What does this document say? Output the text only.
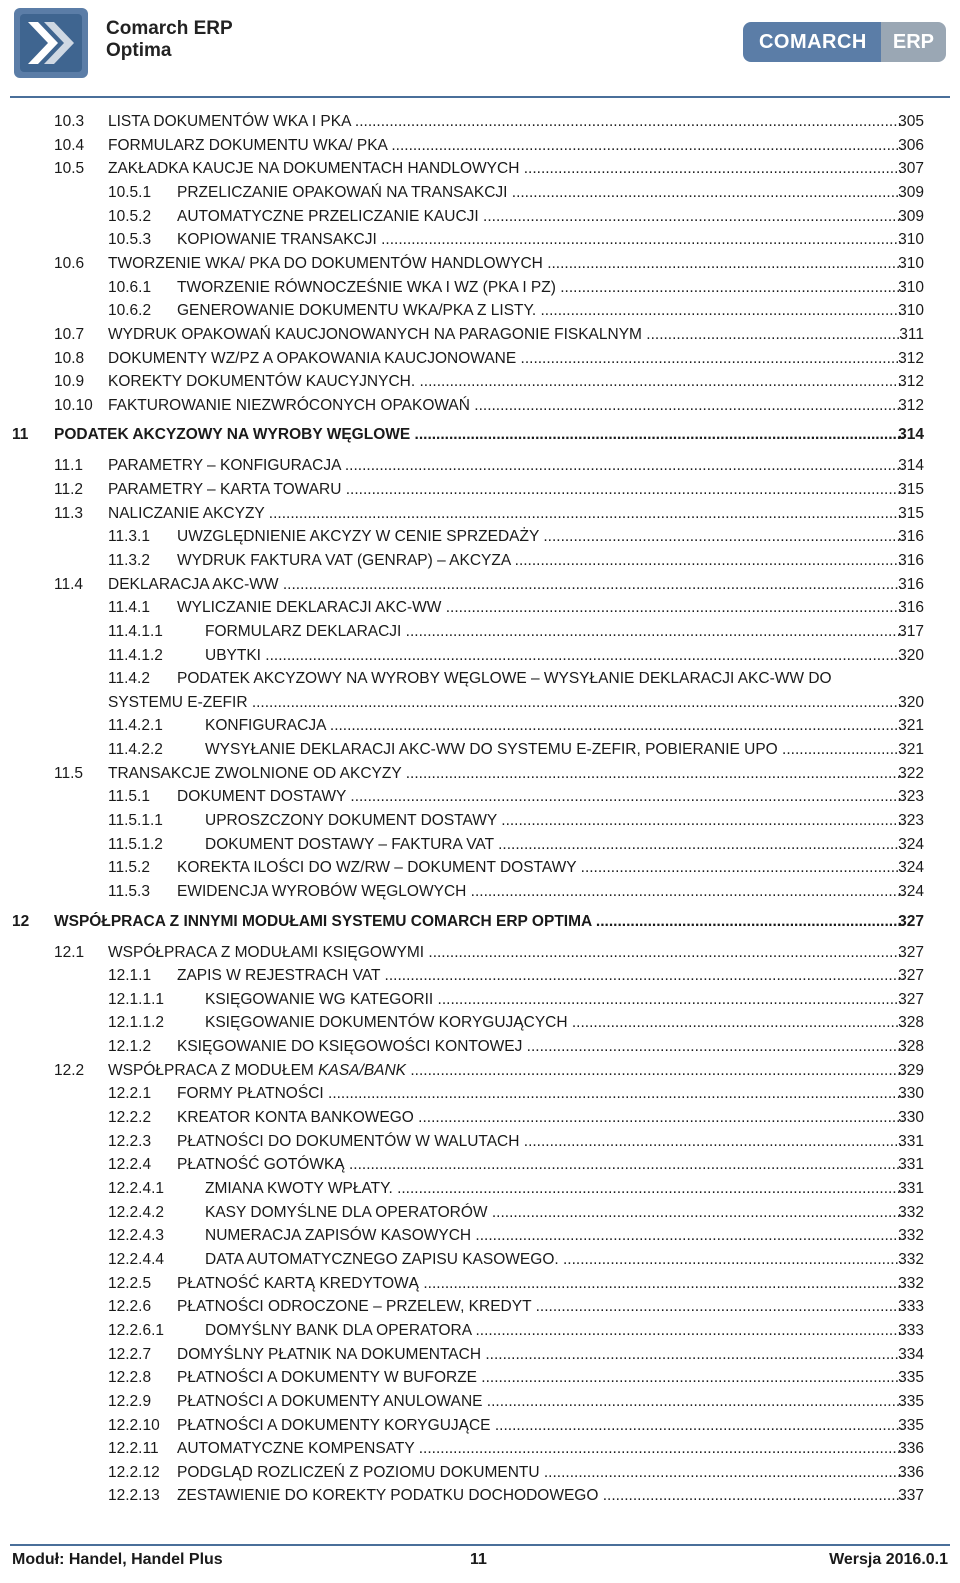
Comarch ERP
Optima	COMARCH	ERP
10.3 LISTA DOKUMENTÓW WKA I PKA .....	305
10.4 FORMULARZ DOKUMENTU WKA/ PKA .....	306
10.5 ZAKŁADKA KAUCJE NA DOKUMENTACH HANDLOWYCH .....	307
10.5.1 PRZELICZANIE OPAKOWAŃ NA TRANSAKCJI .....	309
10.5.2 AUTOMATYCZNE PRZELICZANIE KAUCJI .....	309
10.5.3 KOPIOWANIE TRANSAKCJI .....	310
10.6 TWORZENIE WKA/ PKA DO DOKUMENTÓW HANDLOWYCH .....	310
10.6.1 TWORZENIE RÓWNOCZEŚNIE WKA I WZ (PKA I PZ) .....	310
10.6.2 GENEROWANIE DOKUMENTU WKA/PKA Z LISTY. .....	310
10.7 WYDRUK OPAKOWAŃ KAUCJONOWANYCH NA PARAGONIE FISKALNYM .....	311
10.8 DOKUMENTY WZ/PZ A OPAKOWANIA KAUCJONOWANE .....	312
10.9 KOREKTY DOKUMENTÓW KAUCYJNYCH. .....	312
10.10 FAKTUROWANIE NIEZWRÓCONYCH OPAKOWAŃ .....	312
11 PODATEK AKCYZOWY NA WYROBY WĘGLOWE .....	314
11.1 PARAMETRY – KONFIGURACJA .....	314
11.2 PARAMETRY – KARTA TOWARU .....	315
11.3 NALICZANIE AKCYZY .....	315
11.3.1 UWZGLĘDNIENIE AKCYZY W CENIE SPRZEDAŻY .....	316
11.3.2 WYDRUK FAKTURA VAT (GENRAP) – AKCYZA .....	316
11.4 DEKLARACJA AKC-WW .....	316
11.4.1 WYLICZANIE DEKLARACJI AKC-WW .....	316
11.4.1.1	FORMULARZ DEKLARACJI .....	317
11.4.1.2	UBYTKI .....	320
11.4.2 PODATEK AKCYZOWY NA WYROBY WĘGLOWE – WYSYŁANIE DEKLARACJI AKC-WW DO
SYSTEMU E-ZEFIR .....	320
11.4.2.1	KONFIGURACJA .....	321
11.4.2.2	WYSYŁANIE DEKLARACJI AKC-WW DO SYSTEMU E-ZEFIR, POBIERANIE UPO .....	321
11.5 TRANSAKCJE ZWOLNIONE OD AKCYZY .....	322
11.5.1 DOKUMENT DOSTAWY .....	323
11.5.1.1	UPROSZCZONY DOKUMENT DOSTAWY .....	323
11.5.1.2	DOKUMENT DOSTAWY – FAKTURA VAT .....	324
11.5.2 KOREKTA ILOŚCI DO WZ/RW – DOKUMENT DOSTAWY .....	324
11.5.3 EWIDENCJA WYROBÓW WĘGLOWYCH .....	324
12 WSPÓŁPRACA Z INNYMI MODUŁAMI SYSTEMU COMARCH ERP OPTIMA .....	327
12.1 WSPÓŁPRACA Z MODUŁAMI KSIĘGOWYMI .....	327
12.1.1 ZAPIS W REJESTRACH VAT .....	327
12.1.1.1	KSIĘGOWANIE WG KATEGORII .....	327
12.1.1.2	KSIĘGOWANIE DOKUMENTÓW KORYGUJĄCYCH .....	328
12.1.2 KSIĘGOWANIE DO KSIĘGOWOŚCI KONTOWEJ .....	328
12.2 WSPÓŁPRACA Z MODUŁEM KASA/BANK .....	329
12.2.1 FORMY PŁATNOŚCI .....	330
12.2.2 KREATOR KONTA BANKOWEGO .....	330
12.2.3 PŁATNOŚCI DO DOKUMENTÓW W WALUTACH .....	331
12.2.4 PŁATNOŚĆ GOTÓWKĄ .....	331
12.2.4.1	ZMIANA KWOTY WPŁATY. .....	331
12.2.4.2	KASY DOMYŚLNE DLA OPERATORÓW .....	332
12.2.4.3	NUMERACJA ZAPISÓW KASOWYCH .....	332
12.2.4.4	DATA AUTOMATYCZNEGO ZAPISU KASOWEGO. .....	332
12.2.5 PŁATNOŚĆ KARTĄ KREDYTOWĄ .....	332
12.2.6 PŁATNOŚCI ODROCZONE – PRZELEW, KREDYT .....	333
12.2.6.1	DOMYŚLNY BANK DLA OPERATORA .....	333
12.2.7 DOMYŚLNY PŁATNIK NA DOKUMENTACH .....	334
12.2.8 PŁATNOŚCI A DOKUMENTY W BUFORZE .....	335
12.2.9 PŁATNOŚCI A DOKUMENTY ANULOWANE .....	335
12.2.10 PŁATNOŚCI A DOKUMENTY KORYGUJĄCE .....	335
12.2.11 AUTOMATYCZNE KOMPENSATY .....	336
12.2.12 PODGLĄD ROZLICZEŃ Z POZIOMU DOKUMENTU .....	336
12.2.13 ZESTAWIENIE DO KOREKTY PODATKU DOCHODOWEGO .....	337
Moduł: Handel, Handel Plus	11	Wersja 2016.0.1
